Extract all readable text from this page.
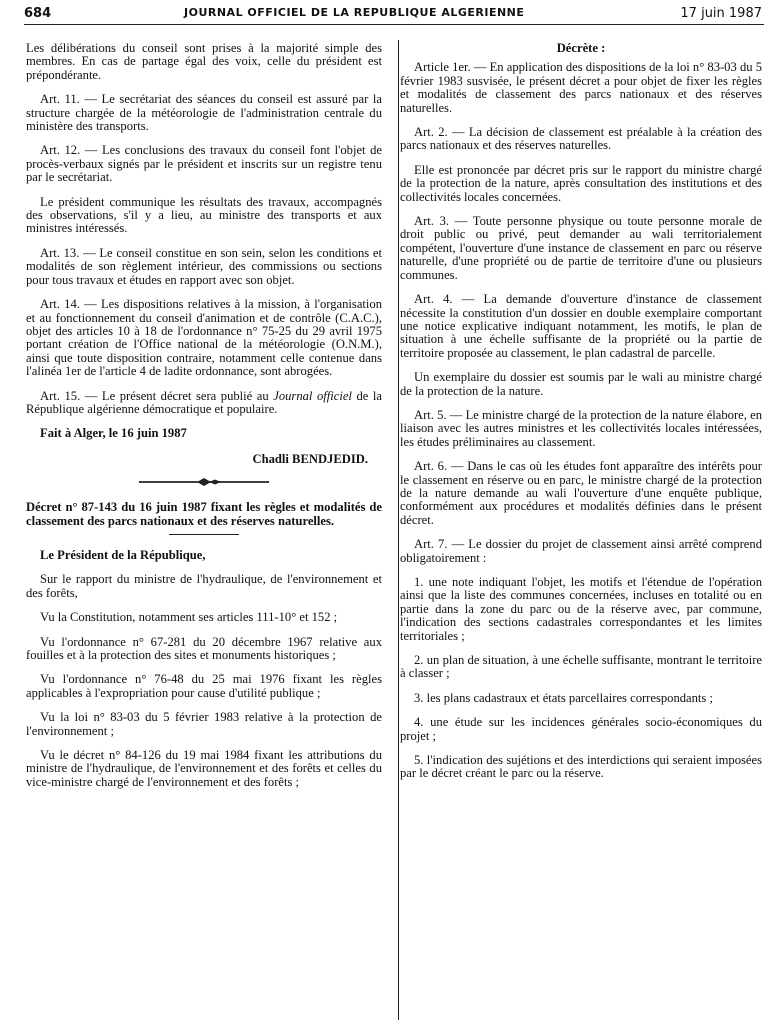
684	JOURNAL OFFICIEL DE LA REPUBLIQUE ALGERIENNE	17 juin 1987

Les délibérations du conseil sont prises à la majorité simple des membres. En cas de partage égal des voix, celle du président est prépondérante.

Art. 11. — Le secrétariat des séances du conseil est assuré par la structure chargée de la météorologie de l'administration centrale du ministère des transports.

Art. 12. — Les conclusions des travaux du conseil font l'objet de procès-verbaux signés par le président et inscrits sur un registre tenu par le secrétariat.

Le président communique les résultats des travaux, accompagnés des observations, s'il y a lieu, au ministre des transports et aux ministres intéressés.

Art. 13. — Le conseil constitue en son sein, selon les conditions et modalités de son règlement intérieur, des commissions ou sections pour tous travaux et études en rapport avec son objet.

Art. 14. — Les dispositions relatives à la mission, à l'organisation et au fonctionnement du conseil d'animation et de contrôle (C.A.C.), objet des articles 10 à 18 de l'ordonnance n° 75-25 du 29 avril 1975 portant création de l'Office national de la météorologie (O.N.M.), ainsi que toute disposition contraire, notamment celle contenue dans l'alinéa 1er de l'article 4 de ladite ordonnance, sont abrogées.

Art. 15. — Le présent décret sera publié au Journal officiel de la République algérienne démocratique et populaire.

Fait à Alger, le 16 juin 1987

Chadli BENDJEDID.

Décret n° 87-143 du 16 juin 1987 fixant les règles et modalités de classement des parcs nationaux et des réserves naturelles.

Le Président de la République,

Sur le rapport du ministre de l'hydraulique, de l'environnement et des forêts,

Vu la Constitution, notamment ses articles 111-10° et 152 ;

Vu l'ordonnance n° 67-281 du 20 décembre 1967 relative aux fouilles et à la protection des sites et monuments historiques ;

Vu l'ordonnance n° 76-48 du 25 mai 1976 fixant les règles applicables à l'expropriation pour cause d'utilité publique ;

Vu la loi n° 83-03 du 5 février 1983 relative à la protection de l'environnement ;

Vu le décret n° 84-126 du 19 mai 1984 fixant les attributions du ministre de l'hydraulique, de l'environnement et des forêts et celles du vice-ministre chargé de l'environnement et des forêts ;

Décrète :

Article 1er. — En application des dispositions de la loi n° 83-03 du 5 février 1983 susvisée, le présent décret a pour objet de fixer les règles et modalités de classement des parcs nationaux et des réserves naturelles.

Art. 2. — La décision de classement est préalable à la création des parcs nationaux et des réserves naturelles.

Elle est prononcée par décret pris sur le rapport du ministre chargé de la protection de la nature, après consultation des institutions et des collectivités locales concernées.

Art. 3. — Toute personne physique ou toute personne morale de droit public ou privé, peut demander au wali territorialement compétent, l'ouverture d'une instance de classement en parc ou réserve naturelle, d'une propriété ou de partie de territoire d'une ou plusieurs communes.

Art. 4. — La demande d'ouverture d'instance de classement nécessite la constitution d'un dossier en double exemplaire comportant une notice explicative indiquant notamment, les motifs, le plan de situation à une échelle suffisante de la propriété ou la partie de territoire proposée au classement, le plan cadastral de parcelle.

Un exemplaire du dossier est soumis par le wali au ministre chargé de la protection de la nature.

Art. 5. — Le ministre chargé de la protection de la nature élabore, en liaison avec les autres ministres et les collectivités locales intéressées, les études préliminaires au classement.

Art. 6. — Dans le cas où les études font apparaître des intérêts pour le classement en réserve ou en parc, le ministre chargé de la protection de la nature demande au wali l'ouverture d'une enquête publique, conformément aux procédures et modalités définies dans le présent décret.

Art. 7. — Le dossier du projet de classement ainsi arrêté comprend obligatoirement :

1. une note indiquant l'objet, les motifs et l'étendue de l'opération ainsi que la liste des communes concernées, incluses en totalité ou en partie dans la zone du parc ou de la réserve avec, par commune, l'indication des sections cadastrales correspondantes et les limites territoriales ;

2. un plan de situation, à une échelle suffisante, montrant le territoire à classer ;

3. les plans cadastraux et états parcellaires correspondants ;

4. une étude sur les incidences générales socio-économiques du projet ;

5. l'indication des sujétions et des interdictions qui seraient imposées par le décret créant le parc ou la réserve.
